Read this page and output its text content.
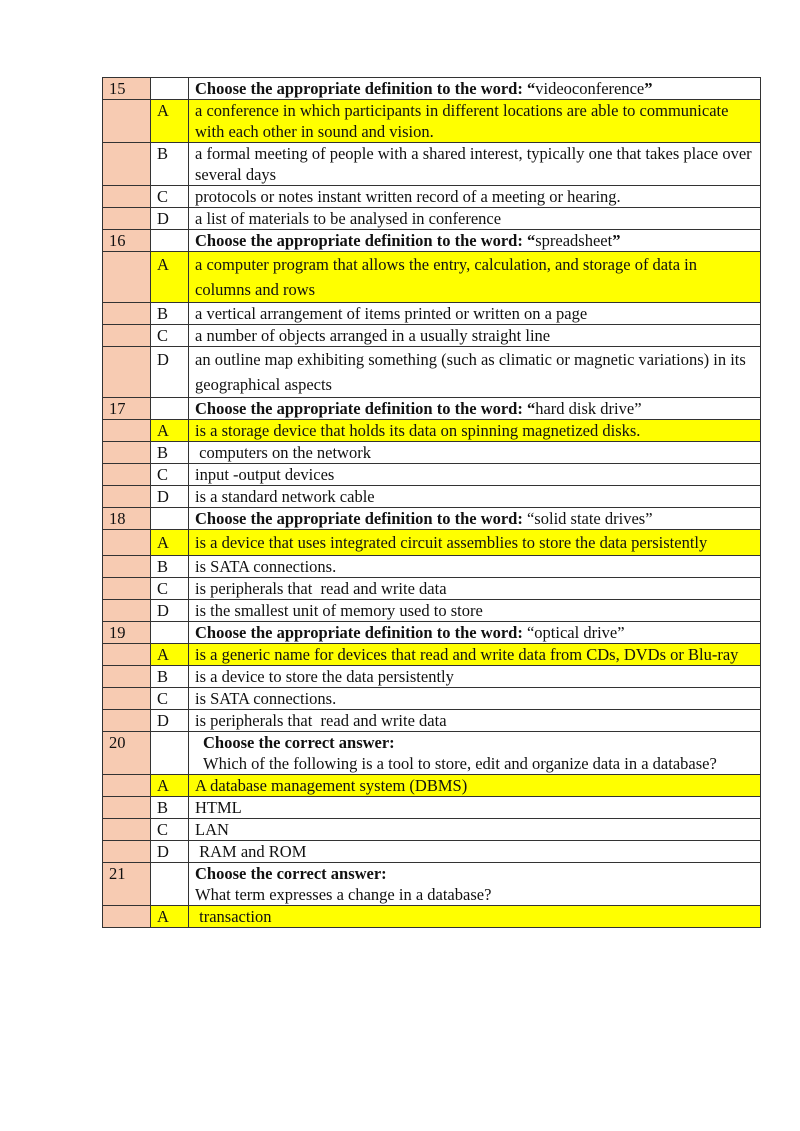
15		Choose the appropriate definition to the word: “videoconference”
	A	a conference in which participants in different locations are able to communicate with each other in sound and vision.
	B	a formal meeting of people with a shared interest, typically one that takes place over several days
	C	protocols or notes instant written record of a meeting or hearing.
	D	a list of materials to be analysed in conference
16		Choose the appropriate definition to the word: “spreadsheet”
	A	a computer program that allows the entry, calculation, and storage of data in columns and rows
	B	a vertical arrangement of items printed or written on a page
	C	a number of objects arranged in a usually straight line
	D	an outline map exhibiting something (such as climatic or magnetic variations) in its geographical aspects
17		Choose the appropriate definition to the word: “hard disk drive”
	A	is a storage device that holds its data on spinning magnetized disks.
	B	computers on the network
	C	input -output devices
	D	is a standard network cable
18		Choose the appropriate definition to the word: “solid state drives”
	A	is a device that uses integrated circuit assemblies to store the data persistently
	B	is SATA connections.
	C	is peripherals that  read and write data
	D	is the smallest unit of memory used to store
19		Choose the appropriate definition to the word: “optical drive”
	A	is a generic name for devices that read and write data from CDs, DVDs or Blu-ray
	B	is a device to store the data persistently
	C	is SATA connections.
	D	is peripherals that  read and write data
20		Choose the correct answer:
Which of the following is a tool to store, edit and organize data in a database?

	A	A database management system (DBMS)
	B	HTML
	C	LAN
	D	RAM and ROM
21		Choose the correct answer:
What term expresses a change in a database?

	A	transaction
